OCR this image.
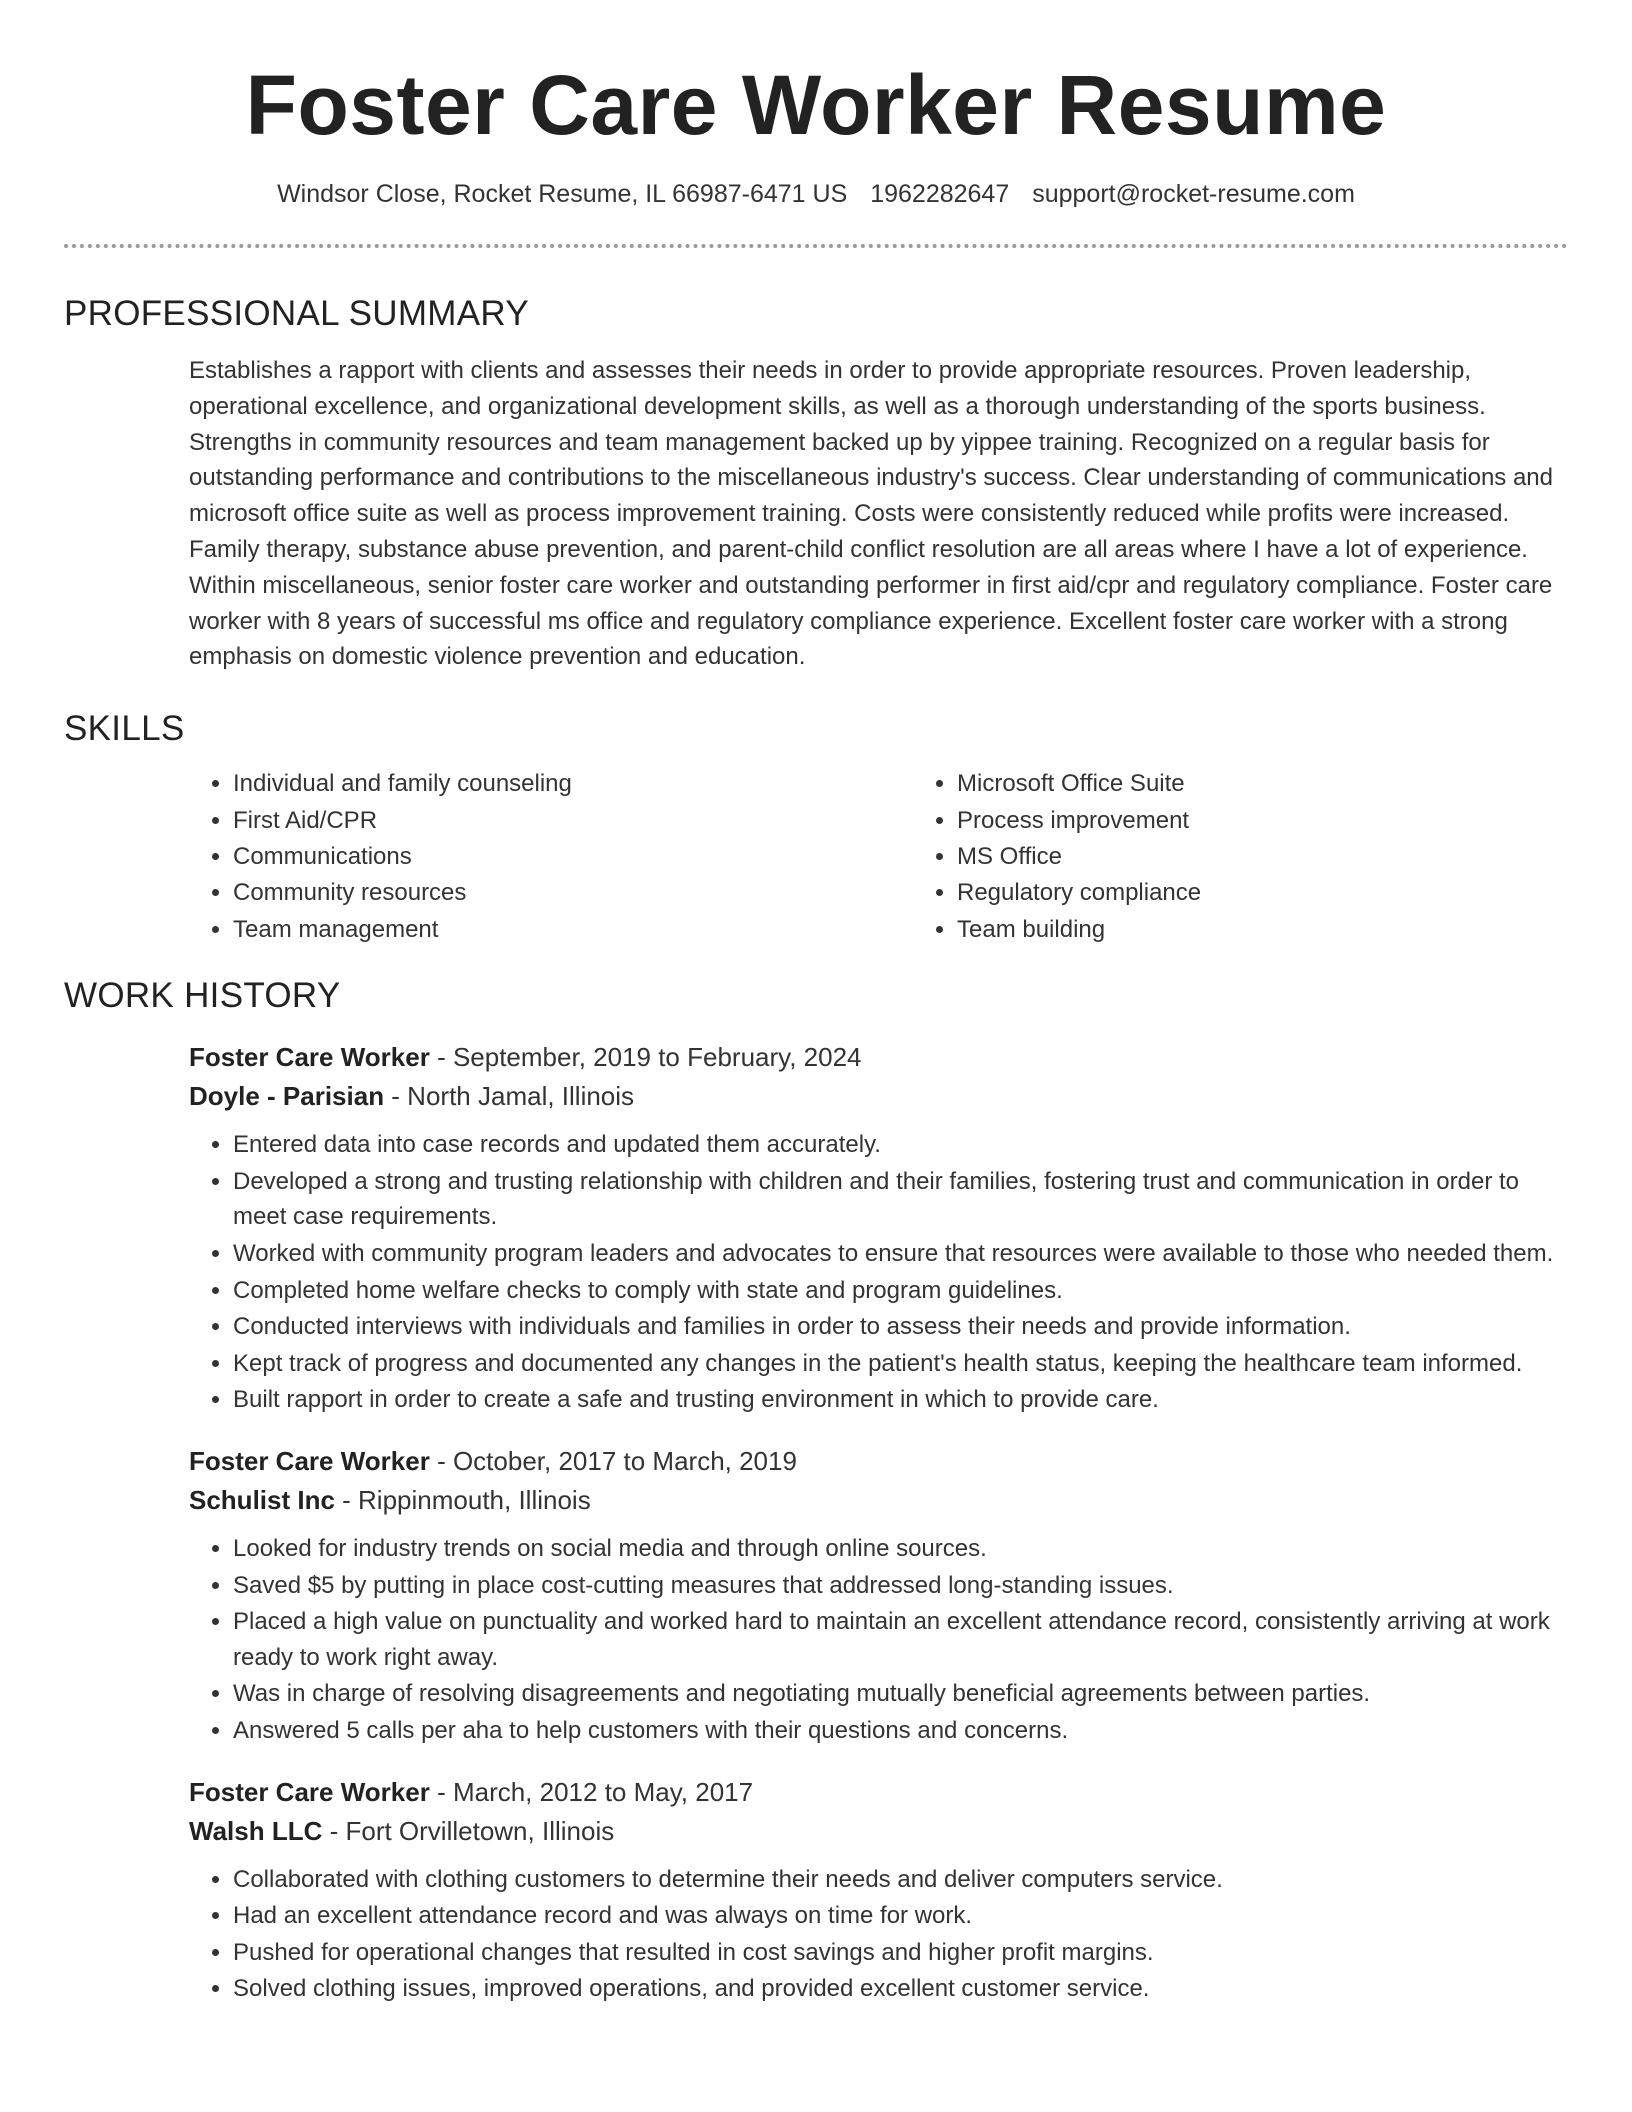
Foster Care Worker Resume
Windsor Close, Rocket Resume, IL 66987-6471 US 1962282647 support@rocket-resume.com
PROFESSIONAL SUMMARY

Establishes a rapport with clients and assesses their needs in order to provide appropriate resources. Proven leadership, operational excellence, and organizational development skills, as well as a thorough understanding of the sports business. Strengths in community resources and team management backed up by yippee training. Recognized on a regular basis for outstanding performance and contributions to the miscellaneous industry's success. Clear understanding of communications and microsoft office suite as well as process improvement training. Costs were consistently reduced while profits were increased. Family therapy, substance abuse prevention, and parent-child conflict resolution are all areas where I have a lot of experience. Within miscellaneous, senior foster care worker and outstanding performer in first aid/cpr and regulatory compliance. Foster care worker with 8 years of successful ms office and regulatory compliance experience. Excellent foster care worker with a strong emphasis on domestic violence prevention and education.

SKILLS
• Individual and family counseling
• First Aid/CPR
• Communications
• Community resources
• Team management
• Microsoft Office Suite
• Process improvement
• MS Office
• Regulatory compliance
• Team building
WORK HISTORY
Foster Care Worker - September, 2019 to February, 2024
Doyle - Parisian - North Jamal, Illinois
• Entered data into case records and updated them accurately.
• Developed a strong and trusting relationship with children and their families, fostering trust and communication in order to meet case requirements.
• Worked with community program leaders and advocates to ensure that resources were available to those who needed them.
• Completed home welfare checks to comply with state and program guidelines.
• Conducted interviews with individuals and families in order to assess their needs and provide information.
• Kept track of progress and documented any changes in the patient's health status, keeping the healthcare team informed.
• Built rapport in order to create a safe and trusting environment in which to provide care.
Foster Care Worker - October, 2017 to March, 2019
Schulist Inc - Rippinmouth, Illinois
• Looked for industry trends on social media and through online sources.
• Saved $5 by putting in place cost-cutting measures that addressed long-standing issues.
• Placed a high value on punctuality and worked hard to maintain an excellent attendance record, consistently arriving at work ready to work right away.
• Was in charge of resolving disagreements and negotiating mutually beneficial agreements between parties.
• Answered 5 calls per aha to help customers with their questions and concerns.
Foster Care Worker - March, 2012 to May, 2017
Walsh LLC - Fort Orvilletown, Illinois
• Collaborated with clothing customers to determine their needs and deliver computers service.
• Had an excellent attendance record and was always on time for work.
• Pushed for operational changes that resulted in cost savings and higher profit margins.
• Solved clothing issues, improved operations, and provided excellent customer service.
